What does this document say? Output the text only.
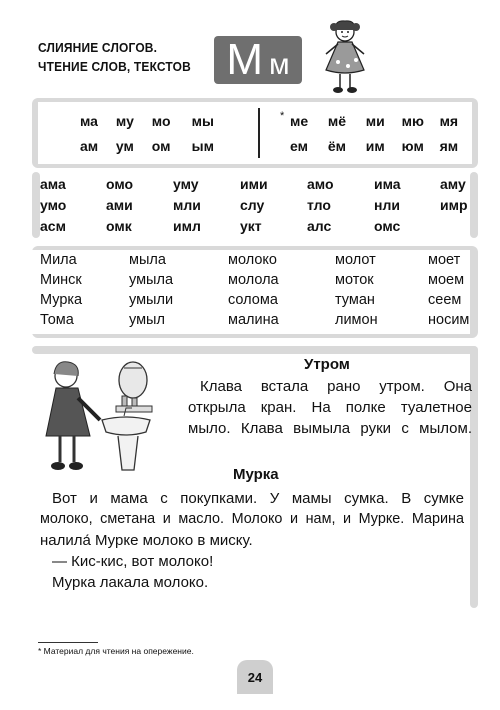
СЛИЯНИЕ СЛОГОВ.
ЧТЕНИЕ СЛОВ, ТЕКСТОВ М м
ма му мо мы
ам ум ом ым
* ме мё ми мю мя
ем ём им юм ям
ама	омо	уму	ими	амо	има	аму
умо	ами	мли	слу	тло	нли	имр
асм	омк	имл	укт	алс	омс
Мила	мыла	молоко	молот	моет
Минск	умыла	молола	моток	моем
Мурка	умыли	солома	туман	сеем
Тома	умыл	малина	лимон	носим
Утром

Клава встала рано утром. Она

открыла кран. На полке туалетное

мыло. Клава вымыла руки с мылом.

Мурка

Вот и мама с покупками. У мамы сумка. В сумке

молоко, сметана и масло. Молоко и нам, и Мурке. Марина

налила́ Мурке молоко в миску.

— Кис-кис, вот молоко!

Мурка лакала молоко.

* Материал для чтения на опережение.
24
